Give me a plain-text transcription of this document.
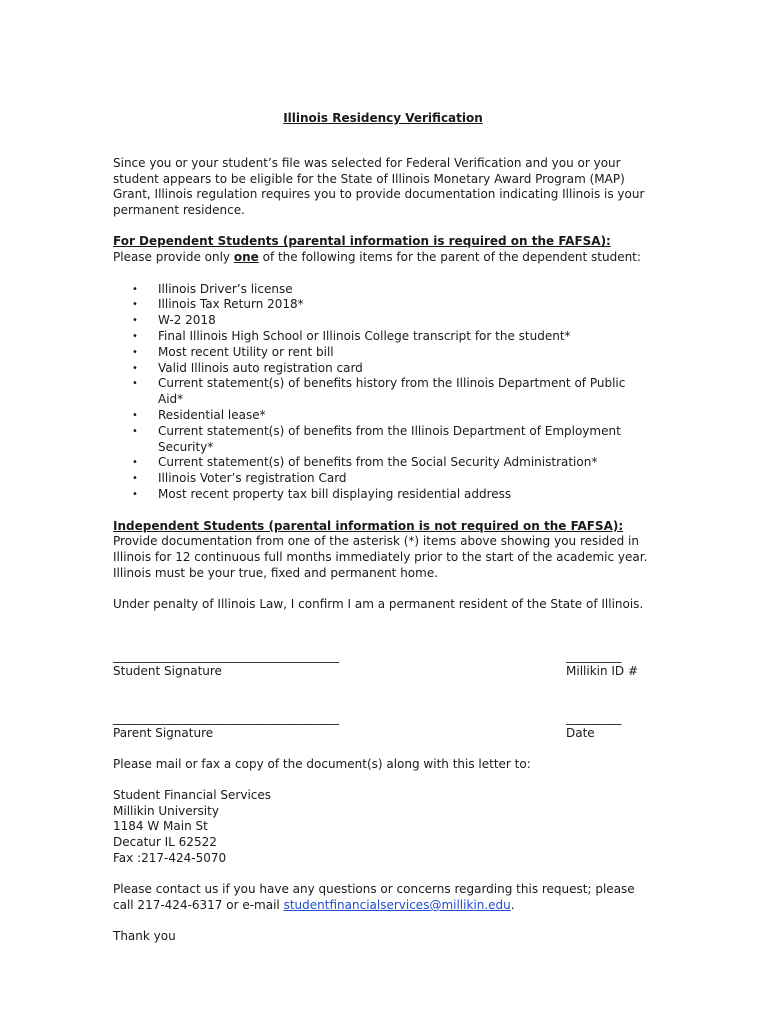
Illinois Residency Verification

Since you or your student’s file was selected for Federal Verification and you or your student appears to be eligible for the State of Illinois Monetary Award Program (MAP) Grant, Illinois regulation requires you to provide documentation indicating Illinois is your permanent residence.

For Dependent Students (parental information is required on the FAFSA): Please provide only one of the following items for the parent of the dependent student:

• Illinois Driver’s license
• Illinois Tax Return 2018*
• W-2 2018
• Final Illinois High School or Illinois College transcript for the student*
• Most recent Utility or rent bill
• Valid Illinois auto registration card
• Current statement(s) of benefits history from the Illinois Department of Public Aid*
• Residential lease*
• Current statement(s) of benefits from the Illinois Department of Employment Security*
• Current statement(s) of benefits from the Social Security Administration*
• Illinois Voter’s registration Card
• Most recent property tax bill displaying residential address

Independent Students (parental information is not required on the FAFSA): Provide documentation from one of the asterisk (*) items above showing you resided in Illinois for 12 continuous full months immediately prior to the start of the academic year. Illinois must be your true, fixed and permanent home.

Under penalty of Illinois Law, I confirm I am a permanent resident of the State of Illinois.

_________________________________________
Student Signature
__________
Millikin ID #
_________________________________________
Parent Signature
__________
Date

Please mail or fax a copy of the document(s) along with this letter to:

Student Financial Services

Millikin University

1184 W Main St

Decatur IL 62522

Fax :217-424-5070

Please contact us if you have any questions or concerns regarding this request; please call 217-424-6317 or e-mail studentfinancialservices@millikin.edu.

Thank you
